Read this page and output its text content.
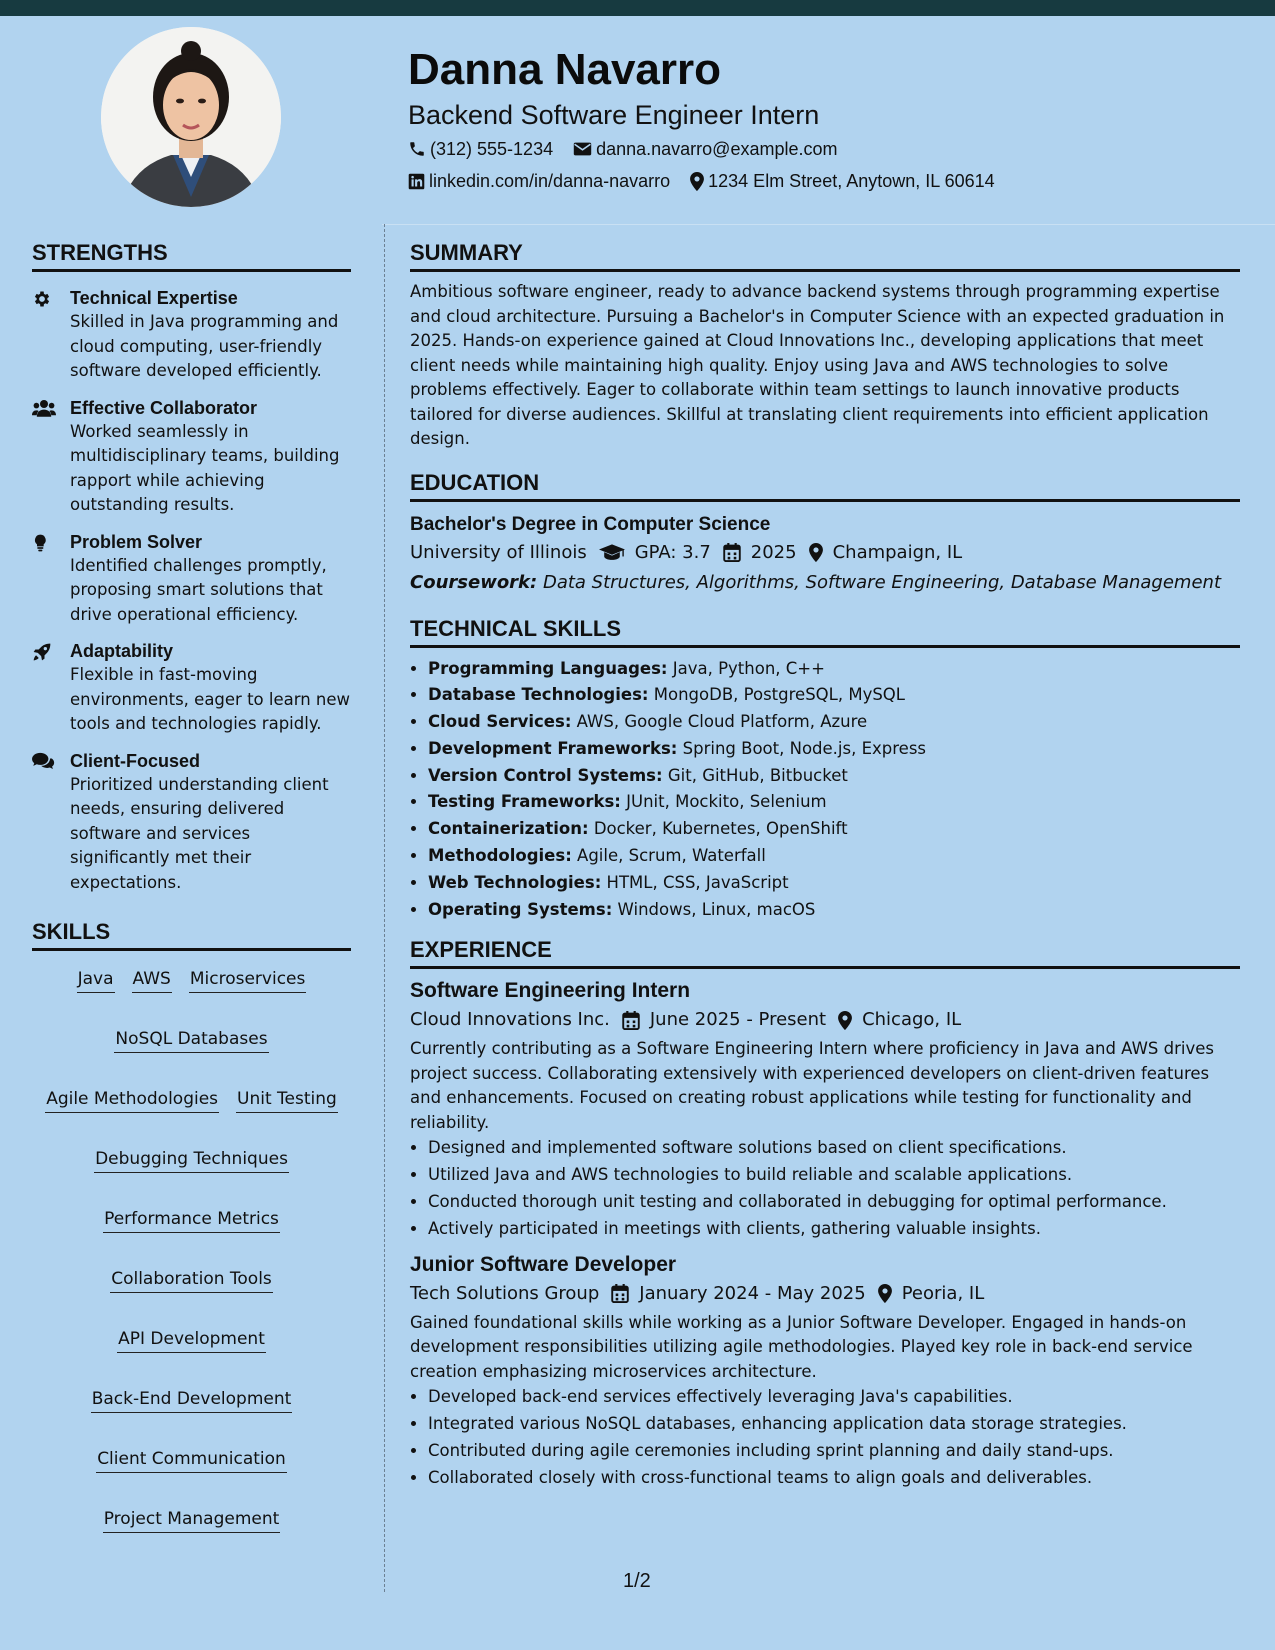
Danna Navarro
Backend Software Engineer Intern
(312) 555-1234 danna.navarro@example.com
linkedin.com/in/danna-navarro 1234 Elm Street, Anytown, IL 60614
STRENGTHS
Technical Expertise
Skilled in Java programming and cloud computing, user-friendly software developed efficiently.
Effective Collaborator
Worked seamlessly in multidisciplinary teams, building rapport while achieving outstanding results.
Problem Solver
Identified challenges promptly, proposing smart solutions that drive operational efficiency.
Adaptability
Flexible in fast-moving environments, eager to learn new tools and technologies rapidly.
Client-Focused
Prioritized understanding client needs, ensuring delivered software and services significantly met their expectations.
SKILLS
Java AWS Microservices
NoSQL Databases
Agile Methodologies Unit Testing
Debugging Techniques
Performance Metrics
Collaboration Tools
API Development
Back-End Development
Client Communication
Project Management
SUMMARY
Ambitious software engineer, ready to advance backend systems through programming expertise and cloud architecture. Pursuing a Bachelor's in Computer Science with an expected graduation in 2025. Hands-on experience gained at Cloud Innovations Inc., developing applications that meet client needs while maintaining high quality. Enjoy using Java and AWS technologies to solve problems effectively. Eager to collaborate within team settings to launch innovative products tailored for diverse audiences. Skillful at translating client requirements into efficient application design.
EDUCATION
Bachelor's Degree in Computer Science
University of Illinois	GPA: 3.7 2025 Champaign, IL
Coursework: Data Structures, Algorithms, Software Engineering, Database Management
TECHNICAL SKILLS
• Programming Languages: Java, Python, C++
• Database Technologies: MongoDB, PostgreSQL, MySQL
• Cloud Services: AWS, Google Cloud Platform, Azure
• Development Frameworks: Spring Boot, Node.js, Express
• Version Control Systems: Git, GitHub, Bitbucket
• Testing Frameworks: JUnit, Mockito, Selenium
• Containerization: Docker, Kubernetes, OpenShift
• Methodologies: Agile, Scrum, Waterfall
• Web Technologies: HTML, CSS, JavaScript
• Operating Systems: Windows, Linux, macOS
EXPERIENCE
Software Engineering Intern
Cloud Innovations Inc. June 2025 - Present Chicago, IL
Currently contributing as a Software Engineering Intern where proficiency in Java and AWS drives project success. Collaborating extensively with experienced developers on client-driven features and enhancements. Focused on creating robust applications while testing for functionality and reliability.
• Designed and implemented software solutions based on client specifications.
• Utilized Java and AWS technologies to build reliable and scalable applications.
• Conducted thorough unit testing and collaborated in debugging for optimal performance.
• Actively participated in meetings with clients, gathering valuable insights.
Junior Software Developer
Tech Solutions Group January 2024 - May 2025 Peoria, IL
Gained foundational skills while working as a Junior Software Developer. Engaged in hands-on development responsibilities utilizing agile methodologies. Played key role in back-end service creation emphasizing microservices architecture.
• Developed back-end services effectively leveraging Java's capabilities.
• Integrated various NoSQL databases, enhancing application data storage strategies.
• Contributed during agile ceremonies including sprint planning and daily stand-ups.
• Collaborated closely with cross-functional teams to align goals and deliverables.
1/2
